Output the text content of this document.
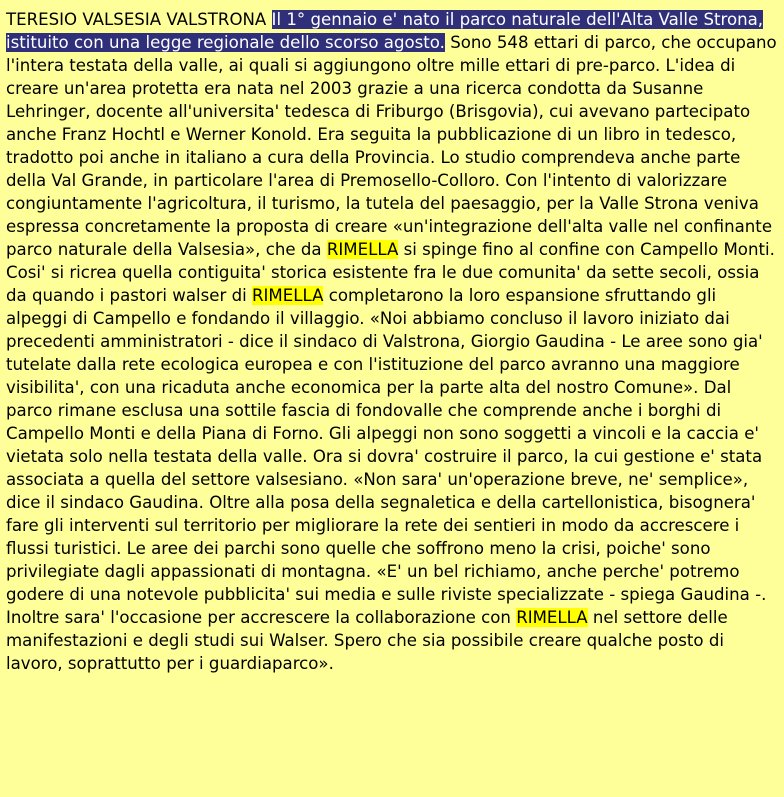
TERESIO VALSESIA VALSTRONA Il 1° gennaio e' nato il parco naturale dell'Alta Valle Strona, istituito con una legge regionale dello scorso agosto. Sono 548 ettari di parco, che occupano l'intera testata della valle, ai quali si aggiungono oltre mille ettari di pre-parco. L'idea di creare un'area protetta era nata nel 2003 grazie a una ricerca condotta da Susanne Lehringer, docente all'universita' tedesca di Friburgo (Brisgovia), cui avevano partecipato anche Franz Hochtl e Werner Konold. Era seguita la pubblicazione di un libro in tedesco, tradotto poi anche in italiano a cura della Provincia. Lo studio comprendeva anche parte della Val Grande, in particolare l'area di Premosello-Colloro. Con l'intento di valorizzare congiuntamente l'agricoltura, il turismo, la tutela del paesaggio, per la Valle Strona veniva espressa concretamente la proposta di creare «un'integrazione dell'alta valle nel confinante parco naturale della Valsesia», che da RIMELLA si spinge fino al confine con Campello Monti. Cosi' si ricrea quella contiguita' storica esistente fra le due comunita' da sette secoli, ossia da quando i pastori walser di RIMELLA completarono la loro espansione sfruttando gli alpeggi di Campello e fondando il villaggio. «Noi abbiamo concluso il lavoro iniziato dai precedenti amministratori - dice il sindaco di Valstrona, Giorgio Gaudina - Le aree sono gia' tutelate dalla rete ecologica europea e con l'istituzione del parco avranno una maggiore visibilita', con una ricaduta anche economica per la parte alta del nostro Comune». Dal parco rimane esclusa una sottile fascia di fondovalle che comprende anche i borghi di Campello Monti e della Piana di Forno. Gli alpeggi non sono soggetti a vincoli e la caccia e' vietata solo nella testata della valle. Ora si dovra' costruire il parco, la cui gestione e' stata associata a quella del settore valsesiano. «Non sara' un'operazione breve, ne' semplice», dice il sindaco Gaudina. Oltre alla posa della segnaletica e della cartellonistica, bisognera' fare gli interventi sul territorio per migliorare la rete dei sentieri in modo da accrescere i flussi turistici. Le aree dei parchi sono quelle che soffrono meno la crisi, poiche' sono privilegiate dagli appassionati di montagna. «E' un bel richiamo, anche perche' potremo godere di una notevole pubblicita' sui media e sulle riviste specializzate - spiega Gaudina -. Inoltre sara' l'occasione per accrescere la collaborazione con RIMELLA nel settore delle manifestazioni e degli studi sui Walser. Spero che sia possibile creare qualche posto di lavoro, soprattutto per i guardiaparco».
